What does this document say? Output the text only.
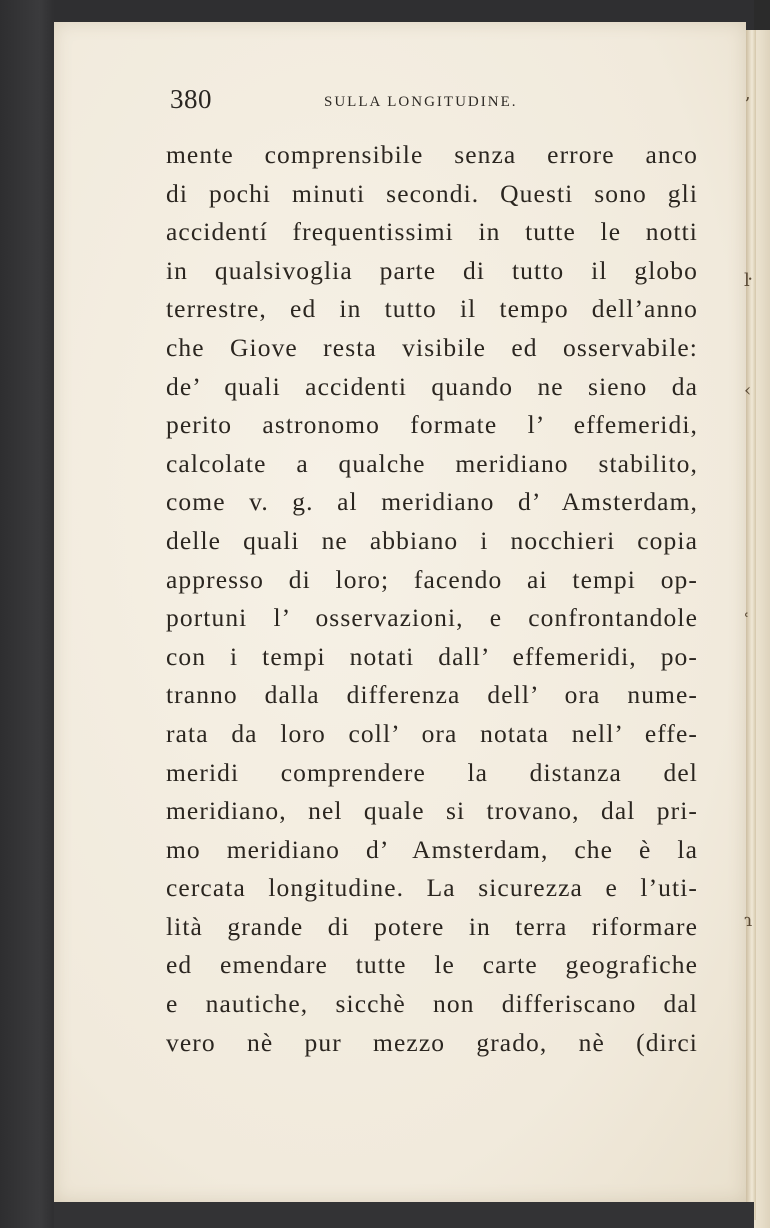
ʼ
ŀ
‹
ʿ
ɿ
380	SULLA LONGITUDINE.
mente comprensibile senza errore anco
di pochi minuti secondi. Questi sono gli
accidentí frequentissimi in tutte le notti
in qualsivoglia parte di tutto il globo
terrestre, ed in tutto il tempo dell’anno
che Giove resta visibile ed osservabile:
de’ quali accidenti quando ne sieno da
perito astronomo formate l’ effemeridi,
calcolate a qualche meridiano stabilito,
come v. g. al meridiano d’ Amsterdam,
delle quali ne abbiano i nocchieri copia
appresso di loro; facendo ai tempi op-
portuni l’ osservazioni, e confrontandole
con i tempi notati dall’ effemeridi, po-
tranno dalla differenza dell’ ora nume-
rata da loro coll’ ora notata nell’ effe-
meridi comprendere la distanza del
meridiano, nel quale si trovano, dal pri-
mo meridiano d’ Amsterdam, che è la
cercata longitudine. La sicurezza e l’uti-
lità grande di potere in terra riformare
ed emendare tutte le carte geografiche
e nautiche, sicchè non differiscano dal
vero nè pur mezzo grado, nè (dirci
